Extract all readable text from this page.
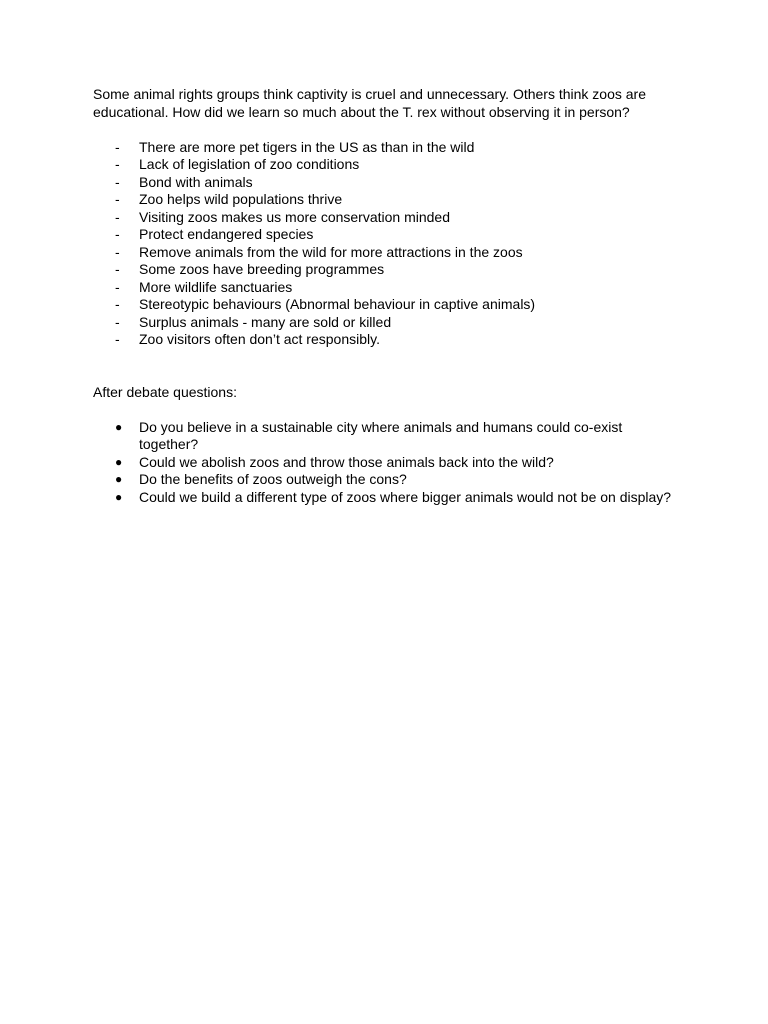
Some animal rights groups think captivity is cruel and unnecessary. Others think zoos are educational. How did we learn so much about the T. rex without observing it in person?

-	There are more pet tigers in the US as than in the wild
-	Lack of legislation of zoo conditions
-	Bond with animals
-	Zoo helps wild populations thrive
-	Visiting zoos makes us more conservation minded
-	Protect endangered species
-	Remove animals from the wild for more attractions in the zoos
-	Some zoos have breeding programmes
-	More wildlife sanctuaries
-	Stereotypic behaviours (Abnormal behaviour in captive animals)
-	Surplus animals - many are sold or killed
-	Zoo visitors often don’t act responsibly.

After debate questions:

● Do you believe in a sustainable city where animals and humans could co-exist together?
● Could we abolish zoos and throw those animals back into the wild?
● Do the benefits of zoos outweigh the cons?
● Could we build a different type of zoos where bigger animals would not be on display?
